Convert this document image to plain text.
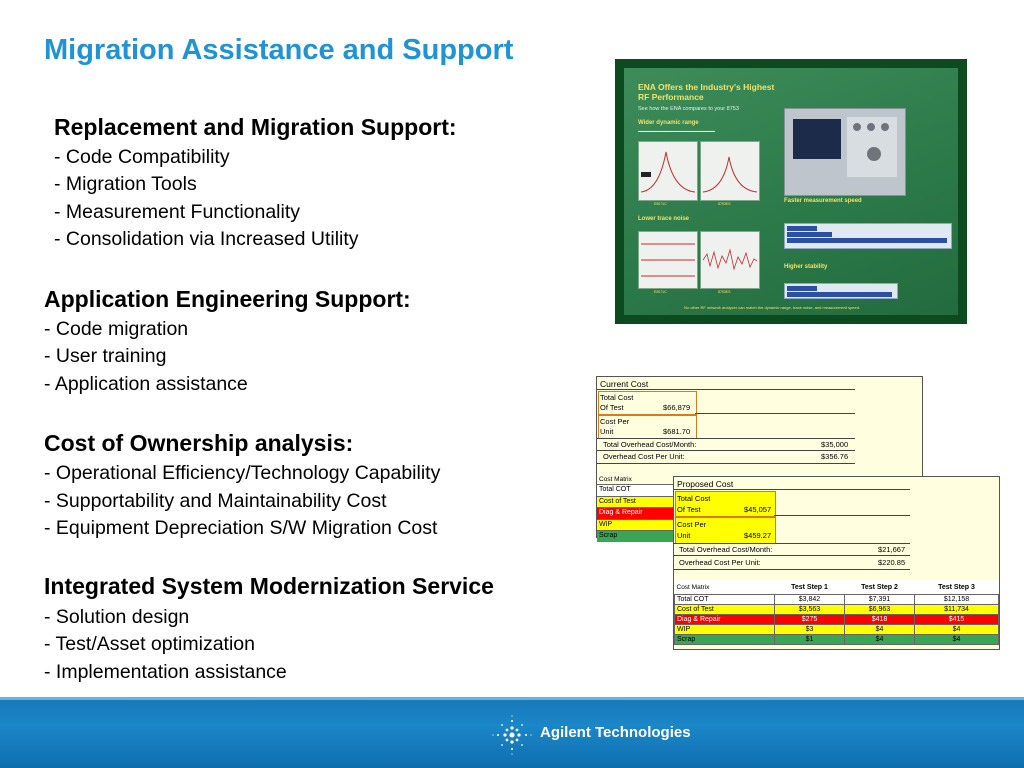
Migration Assistance and Support
Replacement and Migration Support:
- Code Compatibility
- Migration Tools
- Measurement Functionality
- Consolidation via Increased Utility
Application Engineering Support:
- Code migration
- User training
- Application assistance
Cost of Ownership analysis:
- Operational Efficiency/Technology Capability
- Supportability and Maintainability Cost
- Equipment Depreciation S/W Migration Cost
Integrated System Modernization Service
- Solution design
- Test/Asset optimization
- Implementation assistance
ENA Offers the Industry's Highest
RF Performance
See how the ENA compares to your 8753
Wider dynamic range
▬▬▬▬▬▬▬▬▬▬▬▬▬▬▬▬▬▬▬▬▬▬
E5071C	8753ES
Lower trace noise
E5071C	8753ES
Faster measurement speed
Higher stability
No other RF network analyzer can match the dynamic range, trace noise, and measurement speed.
Current Cost
Total Cost
Of Test	$66,879
Cost Per
Unit	$681.70
Total Overhead Cost/Month:	$35,000
Overhead Cost Per Unit:	$356.76
Cost Matrix
Total COT
Cost of Test
Diag & Repair
WIP
Scrap
Proposed Cost
Total Cost
Of Test	$45,057
Cost Per
Unit	$459.27
Total Overhead Cost/Month:	$21,667
Overhead Cost Per Unit:	$220.85
Cost Matrix	Test Step 1	Test Step 2	Test Step 3
Total COT	$3,842	$7,391	$12,158
Cost of Test	$3,563	$6,963	$11,734
Diag & Repair	$275	$418	$415
WIP	$3	$4	$4
Scrap	$1	$4	$4
Agilent Technologies
